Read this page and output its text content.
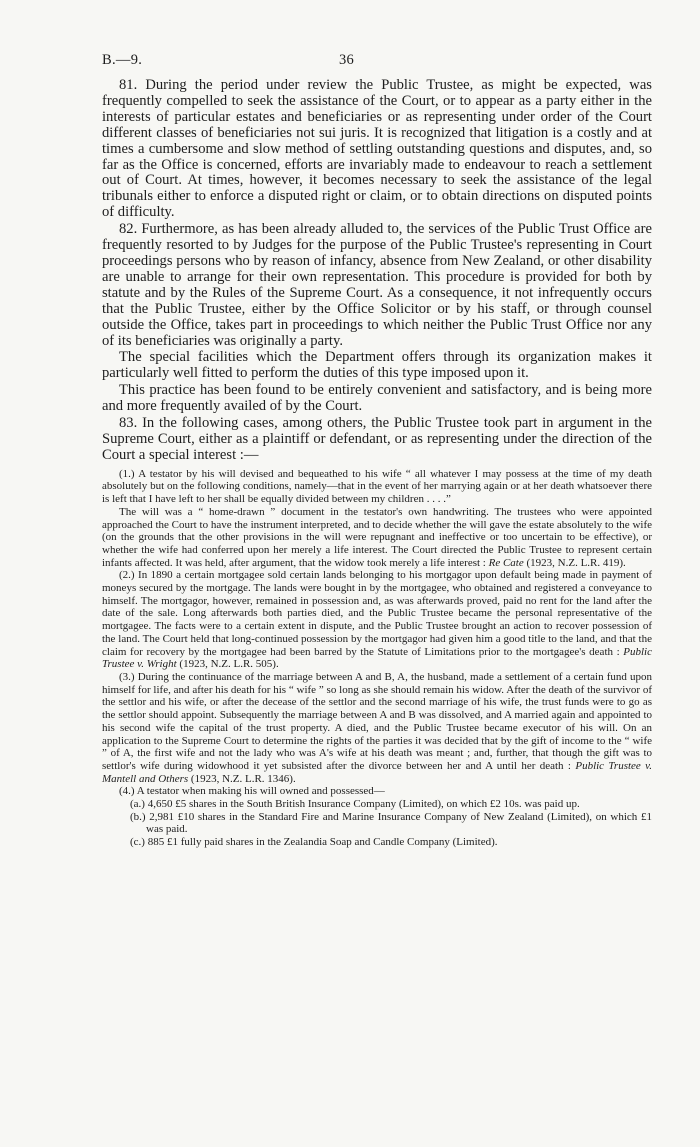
B.—9.	36

81. During the period under review the Public Trustee, as might be expected, was frequently compelled to seek the assistance of the Court, or to appear as a party either in the interests of particular estates and beneficiaries or as representing under order of the Court different classes of beneficiaries not sui juris. It is recognized that litigation is a costly and at times a cumbersome and slow method of settling outstanding questions and disputes, and, so far as the Office is concerned, efforts are invariably made to endeavour to reach a settlement out of Court. At times, however, it becomes necessary to seek the assistance of the legal tribunals either to enforce a disputed right or claim, or to obtain directions on disputed points of difficulty.

82. Furthermore, as has been already alluded to, the services of the Public Trust Office are frequently resorted to by Judges for the purpose of the Public Trustee's representing in Court proceedings persons who by reason of infancy, absence from New Zealand, or other disability are unable to arrange for their own representation. This procedure is provided for both by statute and by the Rules of the Supreme Court. As a consequence, it not infrequently occurs that the Public Trustee, either by the Office Solicitor or by his staff, or through counsel outside the Office, takes part in proceedings to which neither the Public Trust Office nor any of its beneficiaries was originally a party.

The special facilities which the Department offers through its organization makes it particularly well fitted to perform the duties of this type imposed upon it.

This practice has been found to be entirely convenient and satisfactory, and is being more and more frequently availed of by the Court.

83. In the following cases, among others, the Public Trustee took part in argument in the Supreme Court, either as a plaintiff or defendant, or as representing under the direction of the Court a special interest :—

(1.) A testator by his will devised and bequeathed to his wife “ all whatever I may possess at the time of my death absolutely but on the following conditions, namely—that in the event of her marrying again or at her death whatsoever there is left that I have left to her shall be equally divided between my children . . . .”

The will was a “ home-drawn ” document in the testator's own handwriting. The trustees who were appointed approached the Court to have the instrument interpreted, and to decide whether the will gave the estate absolutely to the wife (on the grounds that the other provisions in the will were repugnant and ineffective or too uncertain to be effective), or whether the wife had conferred upon her merely a life interest. The Court directed the Public Trustee to represent certain infants affected. It was held, after argument, that the widow took merely a life interest : Re Cate (1923, N.Z. L.R. 419).

(2.) In 1890 a certain mortgagee sold certain lands belonging to his mortgagor upon default being made in payment of moneys secured by the mortgage. The lands were bought in by the mortgagee, who obtained and registered a conveyance to himself. The mortgagor, however, remained in possession and, as was afterwards proved, paid no rent for the land after the date of the sale. Long afterwards both parties died, and the Public Trustee became the personal representative of the mortgagee. The facts were to a certain extent in dispute, and the Public Trustee brought an action to recover possession of the land. The Court held that long-continued possession by the mortgagor had given him a good title to the land, and that the claim for recovery by the mortgagee had been barred by the Statute of Limitations prior to the mortgagee's death : Public Trustee v. Wright (1923, N.Z. L.R. 505).

(3.) During the continuance of the marriage between A and B, A, the husband, made a settlement of a certain fund upon himself for life, and after his death for his “ wife ” so long as she should remain his widow. After the death of the survivor of the settlor and his wife, or after the decease of the settlor and the second marriage of his wife, the trust funds were to go as the settlor should appoint. Subsequently the marriage between A and B was dissolved, and A married again and appointed to his second wife the capital of the trust property. A died, and the Public Trustee became executor of his will. On an application to the Supreme Court to determine the rights of the parties it was decided that by the gift of income to the “ wife ” of A, the first wife and not the lady who was A's wife at his death was meant ; and, further, that though the gift was to settlor's wife during widowhood it yet subsisted after the divorce between her and A until her death : Public Trustee v. Mantell and Others (1923, N.Z. L.R. 1346).

(4.) A testator when making his will owned and possessed—

(a.) 4,650 £5 shares in the South British Insurance Company (Limited), on which £2 10s. was paid up.

(b.) 2,981 £10 shares in the Standard Fire and Marine Insurance Company of New Zealand (Limited), on which £1 was paid.

(c.) 885 £1 fully paid shares in the Zealandia Soap and Candle Company (Limited).
